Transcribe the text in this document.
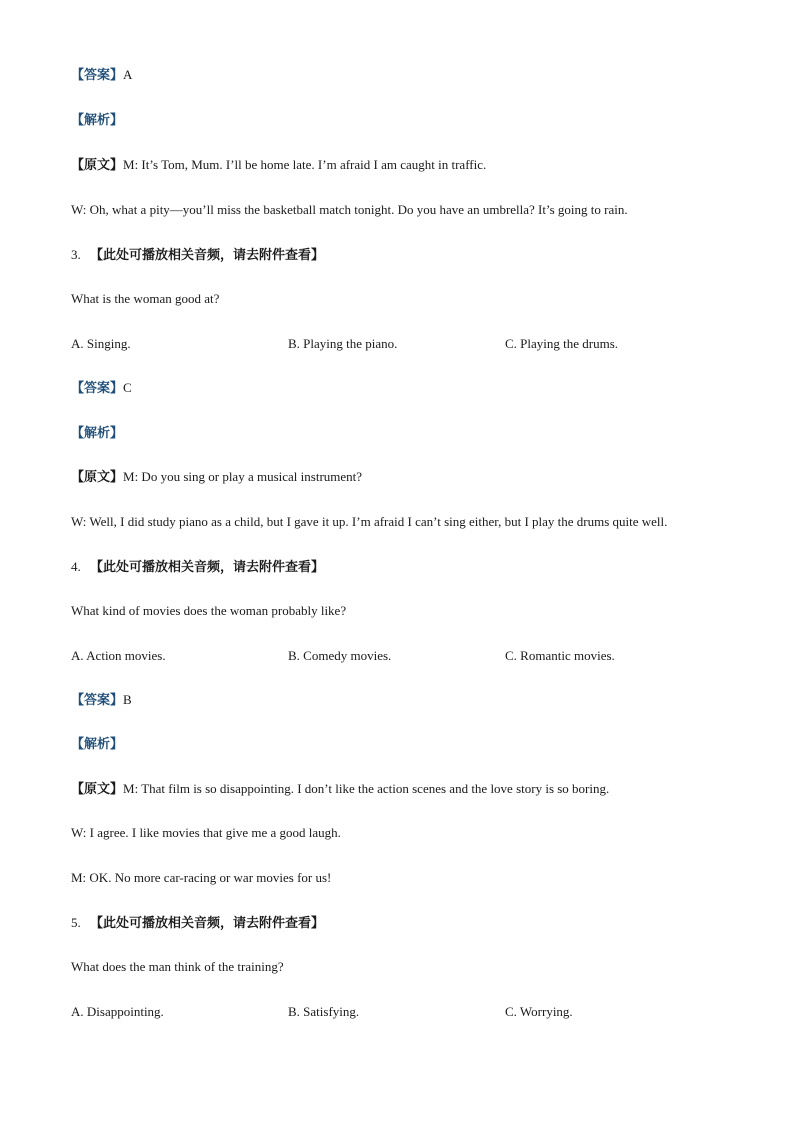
【答案】A
【解析】
【原文】M: It’s Tom, Mum. I’ll be home late. I’m afraid I am caught in traffic.
W: Oh, what a pity—you’ll miss the basketball match tonight. Do you have an umbrella? It’s going to rain.
3. 【此处可播放相关音频，请去附件查看】
What is the woman good at?
A. Singing.	B. Playing the piano.	C. Playing the drums.
【答案】C
【解析】
【原文】M: Do you sing or play a musical instrument?
W: Well, I did study piano as a child, but I gave it up. I’m afraid I can’t sing either, but I play the drums quite well.
4. 【此处可播放相关音频，请去附件查看】
What kind of movies does the woman probably like?
A. Action movies.	B. Comedy movies.	C. Romantic movies.
【答案】B
【解析】
【原文】M: That film is so disappointing. I don’t like the action scenes and the love story is so boring.
W: I agree. I like movies that give me a good laugh.
M: OK. No more car-racing or war movies for us!
5. 【此处可播放相关音频，请去附件查看】
What does the man think of the training?
A. Disappointing.	B. Satisfying.	C. Worrying.
